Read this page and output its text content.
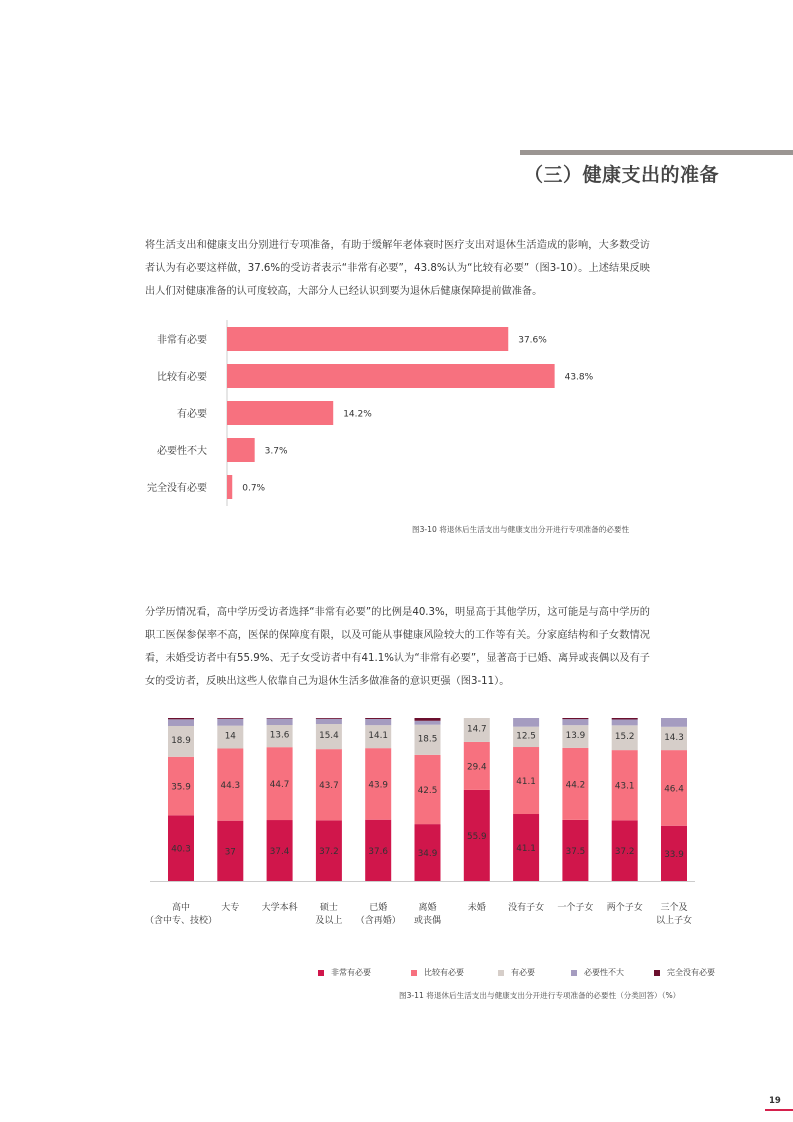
（三）健康支出的准备

将生活支出和健康支出分别进行专项准备，有助于缓解年老体衰时医疗支出对退休生活造成的影响，大多数受访者认为有必要这样做，37.6%的受访者表示“非常有必要”，43.8%认为“比较有必要”（图3-10）。上述结果反映出人们对健康准备的认可度较高，大部分人已经认识到要为退休后健康保障提前做准备。

非常有必要	37.6%
比较有必要	43.8%
有必要	14.2%
必要性不大	3.7%
完全没有必要	0.7%
图3-10 将退休后生活支出与健康支出分开进行专项准备的必要性

分学历情况看，高中学历受访者选择“非常有必要”的比例是40.3%，明显高于其他学历，这可能是与高中学历的职工医保参保率不高，医保的保障度有限，以及可能从事健康风险较大的工作等有关。分家庭结构和子女数情况看，未婚受访者中有55.9%、无子女受访者中有41.1%认为“非常有必要”，显著高于已婚、离异或丧偶以及有子女的受访者，反映出这些人依靠自己为退休生活多做准备的意识更强（图3-11）。

40.3
35.9
18.9
高中
（含中专、技校）
37
44.3
14
大专
37.4
44.7
13.6
大学本科
37.2
43.7
15.4
硕士
及以上
37.6
43.9
14.1
已婚
（含再婚）
34.9
42.5
18.5
离婚
或丧偶
55.9
29.4
14.7
未婚
41.1
41.1
12.5
没有子女
37.5
44.2
13.9
一个子女
37.2
43.1
15.2
两个子女
33.9
46.4
14.3
三个及
以上子女
非常有必要	比较有必要	有必要	必要性不大	完全没有必要
图3-11 将退休后生活支出与健康支出分开进行专项准备的必要性（分类回答）（%）
19
